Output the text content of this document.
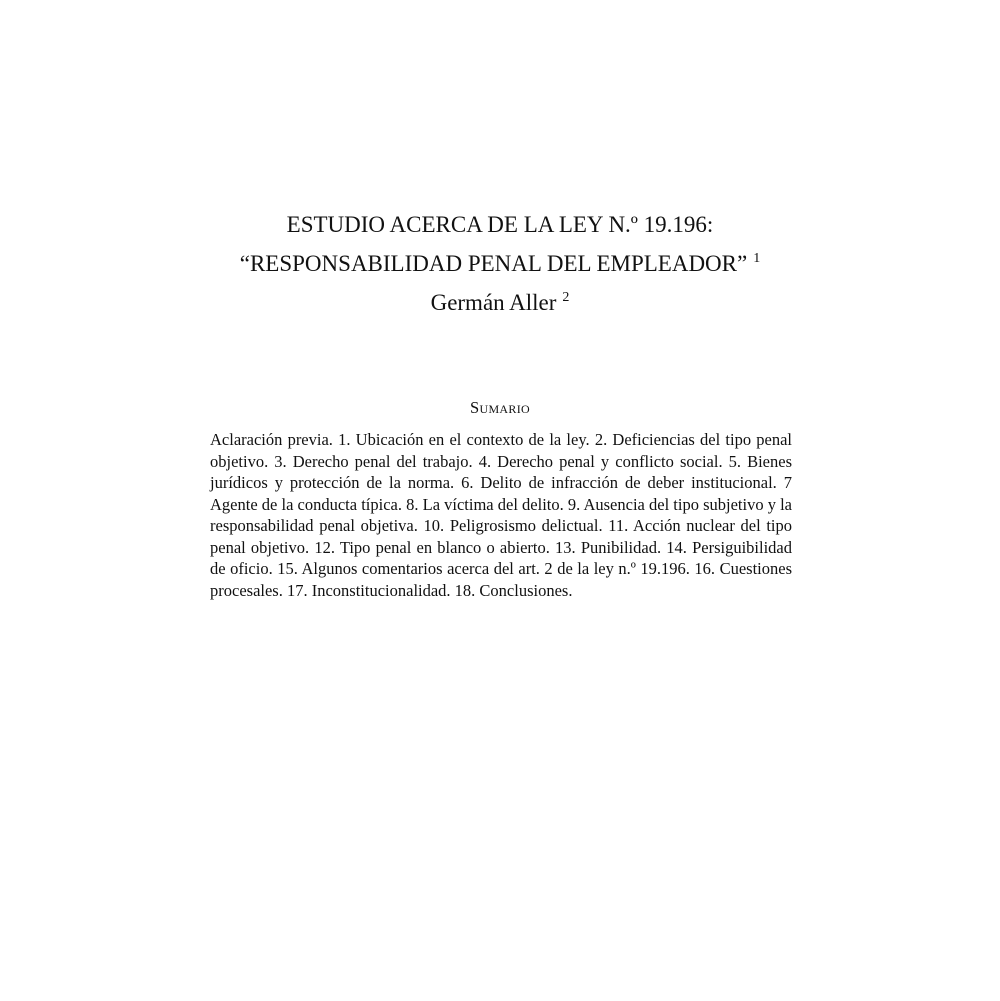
ESTUDIO ACERCA DE LA LEY N.º 19.196:
“RESPONSABILIDAD PENAL DEL EMPLEADOR” $^1$
Germán Aller $^2$
Sumario
Aclaración previa. 1. Ubicación en el contexto de la ley. 2. Deficiencias del tipo penal objetivo. 3. Derecho penal del trabajo. 4. Derecho penal y conflicto social. 5. Bienes jurídicos y protección de la norma. 6. Delito de infracción de deber institucional. 7 Agente de la conducta típica. 8. La víctima del delito. 9. Ausencia del tipo subjetivo y la responsabilidad penal objetiva. 10. Peligrosismo delictual. 11. Acción nuclear del tipo penal objetivo. 12. Tipo penal en blanco o abierto. 13. Punibilidad. 14. Persiguibilidad de oficio. 15. Algunos comentarios acerca del art. 2 de la ley n.º 19.196. 16. Cuestiones procesales. 17. Inconstitucionalidad. 18. Conclusiones.
